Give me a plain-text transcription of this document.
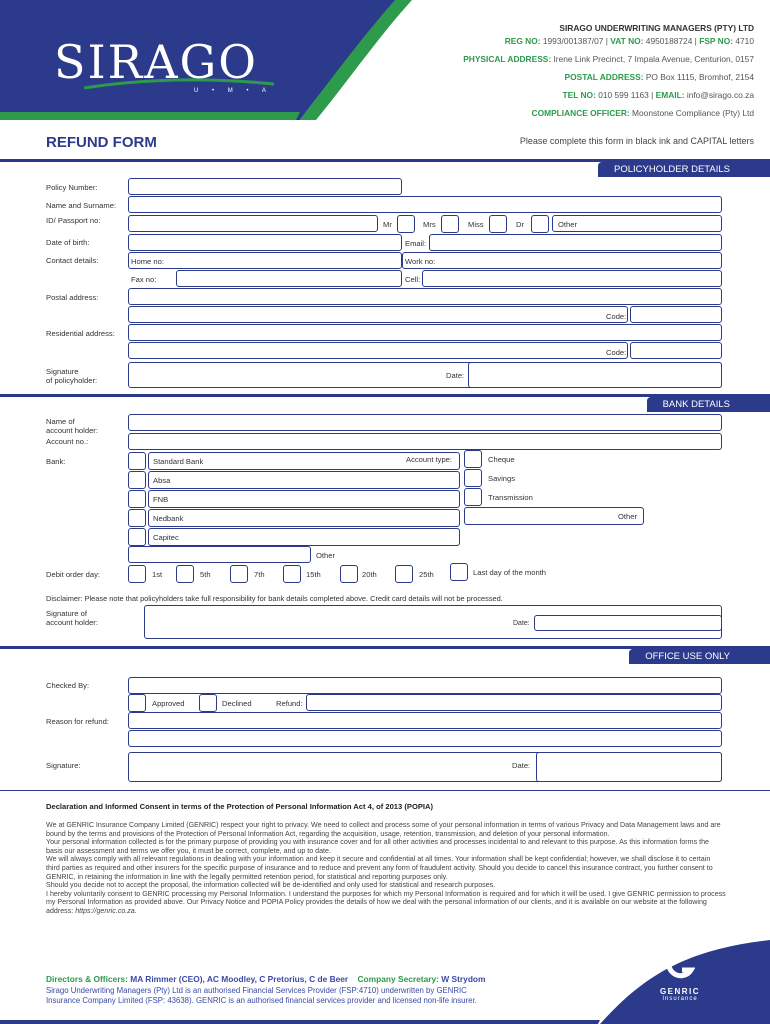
SIRAGO
U • M • A
SIRAGO UNDERWRITING MANAGERS (PTY) LTD
REG NO: 1993/001387/07 | VAT NO: 4950188724 | FSP NO: 4710
PHYSICAL ADDRESS: Irene Link Precinct, 7 Impala Avenue, Centurion, 0157
POSTAL ADDRESS: PO Box 1115, Bromhof, 2154
TEL NO: 010 599 1163 | EMAIL: info@sirago.co.za
COMPLIANCE OFFICER: Moonstone Compliance (Pty) Ltd
REFUND FORM	Please complete this form in black ink and CAPITAL letters
POLICYHOLDER DETAILS
Policy Number:
Name and Surname:
ID/ Passport no:	Mr	Mrs	Miss	Dr	Other
Date of birth:	Email:
Contact details:	Home no:	Work no:
Fax no:	Cell:
Postal address:
Code:
Residential address:
Code:
Signature
of policyholder:
Date:
BANK DETAILS
Name of
account holder:
Account no.:
Bank:	Standard Bank	Account type:	Cheque
Absa	Savings
FNB	Transmission
Nedbank	Other
Capitec
Other
Debit order day:	1st	5th	7th	15th	20th	25th	Last day of the month
Disclaimer: Please note that policyholders take full responsibility for bank details completed above. Credit card details will not be processed.
Signature of
account holder:	Date:
OFFICE USE ONLY
Checked By:
Approved	Declined	Refund:
Reason for refund:
Signature:	Date:
Declaration and Informed Consent in terms of the Protection of Personal Information Act 4, of 2013 (POPIA)
We at GENRIC Insurance Company Limited (GENRIC) respect your right to privacy. We need to collect and process some of your personal information in terms of various Privacy and Data Management laws and are bound by the terms and provisions of the Protection of Personal Information Act, regarding the acquisition, usage, retention, transmission, and deletion of your personal information.
Your personal information collected is for the primary purpose of providing you with insurance cover and for all other activities and processes incidental to and relevant to this purpose. As this information forms the basis our assessment and terms we offer you, it must be correct, complete, and up to date.
We will always comply with all relevant regulations in dealing with your information and keep it secure and confidential at all times. Your information shall be kept confidential; however, we shall disclose it to certain third parties as required and other insurers for the specific purpose of insurance and to reduce and prevent any form of fraudulent activity. Should you decide to cancel this insurance contract, you further consent to GENRIC, in retaining the information in line with the legally permitted retention period, for statistical and reporting purposes only.
Should you decide not to accept the proposal, the information collected will be de-identified and only used for statistical and research purposes.
I hereby voluntarily consent to GENRIC processing my Personal Information. I understand the purposes for which my Personal Information is required and for which it will be used. I give GENRIC permission to process my Personal Information as provided above. Our Privacy Notice and POPIA Policy provides the details of how we deal with the personal information of our clients, and it is available on our website at the following address: https://genric.co.za.
Directors & Officers: MA Rimmer (CEO), AC Moodley, C Pretorius, C de Beer Company Secretary: W Strydom
Sirago Underwriting Managers (Pty) Ltd is an authorised Financial Services Provider (FSP:4710) underwritten by GENRIC
Insurance Company Limited (FSP: 43638). GENRIC is an authorised financial services provider and licensed non-life insurer.
GENRIC
Insurance
